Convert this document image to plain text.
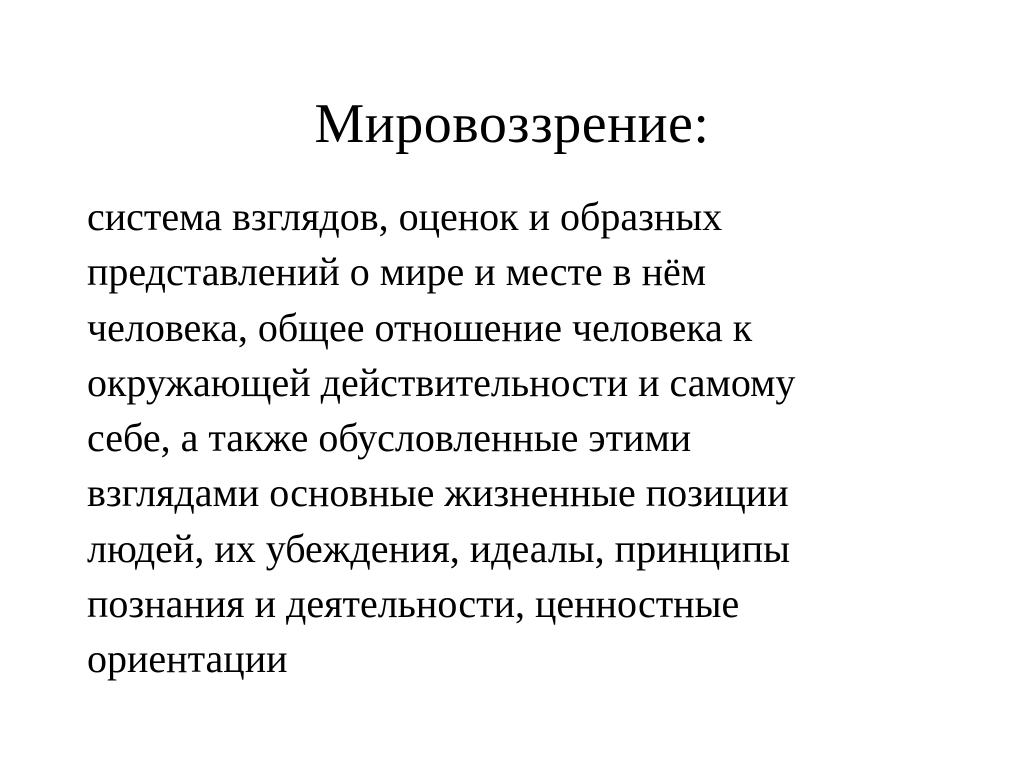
Мировоззрение:
система взглядов, оценок и образных
представлений о мире и месте в нём
человека, общее отношение человека к
окружающей действительности и самому
себе, а также обусловленные этими
взглядами основные жизненные позиции
людей, их убеждения, идеалы, принципы
познания и деятельности, ценностные
ориентации
